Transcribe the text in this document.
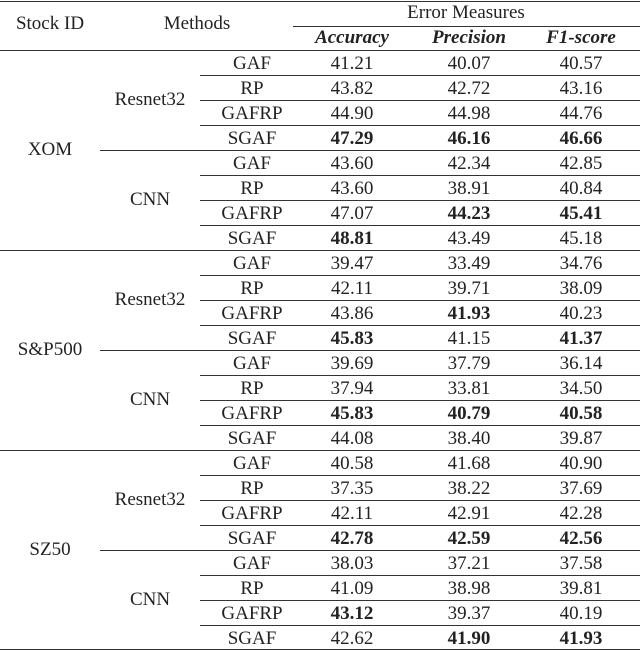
Stock ID	Methods
Error Measures
Accuracy Precision F1-score
XOM
Resnet32
GAF	41.21	40.07	40.57
RP	43.82	42.72	43.16
GAFRP	44.90	44.98	44.76
SGAF	47.29	46.16	46.66
CNN
GAF	43.60	42.34	42.85
RP	43.60	38.91	40.84
GAFRP	47.07	44.23	45.41
SGAF	48.81	43.49	45.18
S&P500
Resnet32
GAF	39.47	33.49	34.76
RP	42.11	39.71	38.09
GAFRP	43.86	41.93	40.23
SGAF	45.83	41.15	41.37
CNN
GAF	39.69	37.79	36.14
RP	37.94	33.81	34.50
GAFRP	45.83	40.79	40.58
SGAF	44.08	38.40	39.87
SZ50
Resnet32
GAF	40.58	41.68	40.90
RP	37.35	38.22	37.69
GAFRP	42.11	42.91	42.28
SGAF	42.78	42.59	42.56
CNN
GAF	38.03	37.21	37.58
RP	41.09	38.98	39.81
GAFRP	43.12	39.37	40.19
SGAF	42.62	41.90	41.93
